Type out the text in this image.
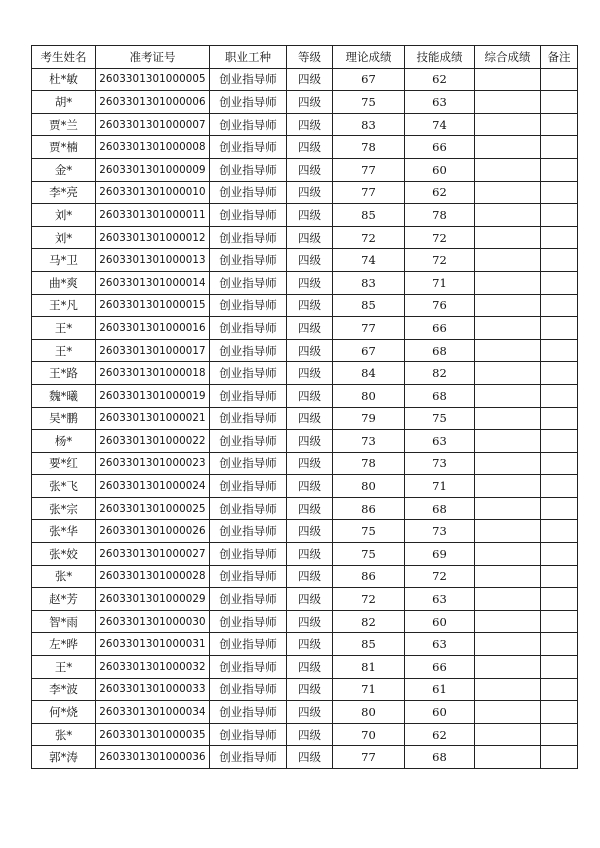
考生姓名	准考证号	职业工种	等级	理论成绩	技能成绩	综合成绩	备注
杜*敏	2603301301000005	创业指导师	四级	67	62		
胡*	2603301301000006	创业指导师	四级	75	63		
贾*兰	2603301301000007	创业指导师	四级	83	74		
贾*楠	2603301301000008	创业指导师	四级	78	66		
金*	2603301301000009	创业指导师	四级	77	60		
李*亮	2603301301000010	创业指导师	四级	77	62		
刘*	2603301301000011	创业指导师	四级	85	78		
刘*	2603301301000012	创业指导师	四级	72	72		
马*卫	2603301301000013	创业指导师	四级	74	72		
曲*爽	2603301301000014	创业指导师	四级	83	71		
王*凡	2603301301000015	创业指导师	四级	85	76		
王*	2603301301000016	创业指导师	四级	77	66		
王*	2603301301000017	创业指导师	四级	67	68		
王*路	2603301301000018	创业指导师	四级	84	82		
魏*曦	2603301301000019	创业指导师	四级	80	68		
吴*鹏	2603301301000021	创业指导师	四级	79	75		
杨*	2603301301000022	创业指导师	四级	73	63		
要*红	2603301301000023	创业指导师	四级	78	73		
张*飞	2603301301000024	创业指导师	四级	80	71		
张*宗	2603301301000025	创业指导师	四级	86	68		
张*华	2603301301000026	创业指导师	四级	75	73		
张*姣	2603301301000027	创业指导师	四级	75	69		
张*	2603301301000028	创业指导师	四级	86	72		
赵*芳	2603301301000029	创业指导师	四级	72	63		
智*雨	2603301301000030	创业指导师	四级	82	60		
左*晔	2603301301000031	创业指导师	四级	85	63		
王*	2603301301000032	创业指导师	四级	81	66		
李*波	2603301301000033	创业指导师	四级	71	61		
何*烧	2603301301000034	创业指导师	四级	80	60		
张*	2603301301000035	创业指导师	四级	70	62		
郭*涛	2603301301000036	创业指导师	四级	77	68		
